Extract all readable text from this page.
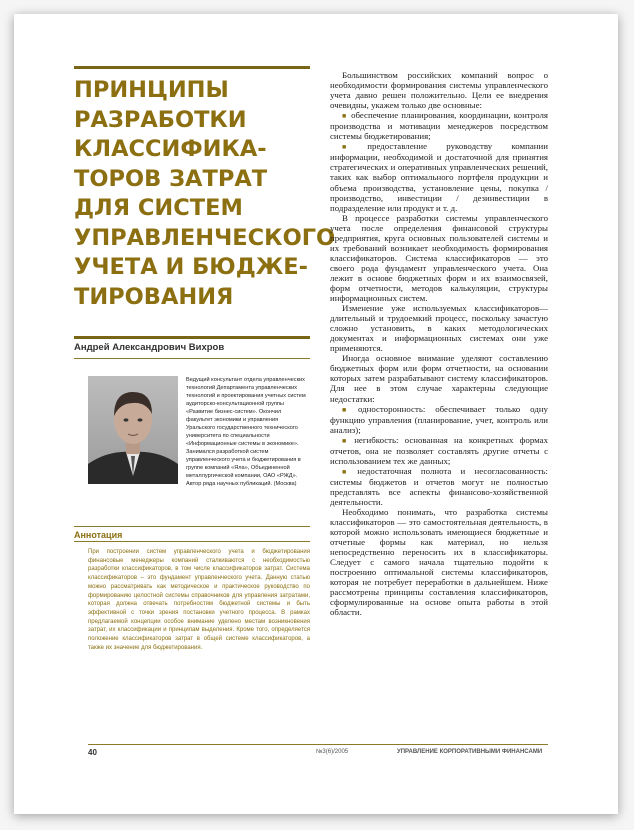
ПРИНЦИПЫ
РАЗРАБОТКИ
КЛАССИФИКА-
ТОРОВ ЗАТРАТ
ДЛЯ СИСТЕМ
УПРАВЛЕНЧЕСКОГО
УЧЕТА И БЮДЖЕ-
ТИРОВАНИЯ
Андрей Александрович Вихров
Ведущий консультант отдела управленческих технологий Департамента управленческих технологий и проектирования учетных систем аудиторско-консультационной группы «Развитие бизнес-систем». Окончил факультет экономики и управления Уральского государственного технического университета по специальности «Информационные системы в экономике». Занимался разработкой систем управленческого учета и бюджетирования в группе компаний «Яла», Объединенной металлургической компании, ОАО «РЖД». Автор ряда научных публикаций. (Москва)
Аннотация
При построении систем управленческого учета и бюджетирования финансовые менеджеры компаний сталкиваются с необходимостью разработки классификаторов, в том числе классификаторов затрат. Система классификаторов – это фундамент управленческого учета. Данную статью можно рассматривать как методическое и практическое руководство по формированию целостной системы справочников для управления затратами, которая должна отвечать потребностям бюджетной системы и быть эффективной с точки зрения постановки учетного процесса. В рамках предлагаемой концепции особое внимание уделено местам возникновения затрат, их классификации и принципам выделения. Кроме того, определяется положение классификаторов затрат в общей системе классификаторов, а также их значение для бюджетирования.

Большинством российских компаний вопрос о необходимости формирования системы управленческого учета давно решен положительно. Цели ее внедрения очевидны, укажем только две основные:

■ обеспечение планирования, координации, контроля производства и мотивации менеджеров посредством системы бюджетирования;

■ предоставление руководству компании информации, необходимой и достаточной для принятия стратегических и оперативных управленческих решений, таких как выбор оптимального портфеля продукции и объема производства, установление цены, покупка / производство, инвестиции / дезинвестиции в подразделение или продукт и т. д.

В процессе разработки системы управленческого учета после определения финансовой структуры предприятия, круга основных пользователей системы и их требований возникает необходимость формирования классификаторов. Система классификаторов — это своего рода фундамент управленческого учета. Она лежит в основе бюджетных форм и их взаимосвязей, форм отчетности, методов калькуляции, структуры информационных систем.

Изменение уже используемых классификаторов— длительный и трудоемкий процесс, поскольку зачастую сложно установить, в каких методологических документах и информационных системах они уже применяются.

Иногда основное внимание уделяют составлению бюджетных форм или форм отчетности, на основании которых затем разрабатывают систему классификаторов. Для нее в этом случае характерны следующие недостатки:

■ односторонность: обеспечивает только одну функцию управления (планирование, учет, контроль или анализ);

■ негибкость: основанная на конкретных формах отчетов, она не позволяет составлять другие отчеты с использованием тех же данных;

■ недостаточная полнота и несогласованность: системы бюджетов и отчетов могут не полностью представлять все аспекты финансово-хозяйственной деятельности.

Необходимо понимать, что разработка системы классификаторов — это самостоятельная деятельность, в которой можно использовать имеющиеся бюджетные и отчетные формы как материал, но нельзя непосредственно переносить их в классификаторы. Следует с самого начала тщательно подойти к построению оптимальной системы классификаторов, которая не потребует переработки в дальнейшем. Ниже рассмотрены принципы составления классификаторов, сформулированные на основе опыта работы в этой области.

40	№3(6)/2005	УПРАВЛЕНИЕ КОРПОРАТИВНЫМИ ФИНАНСАМИ
